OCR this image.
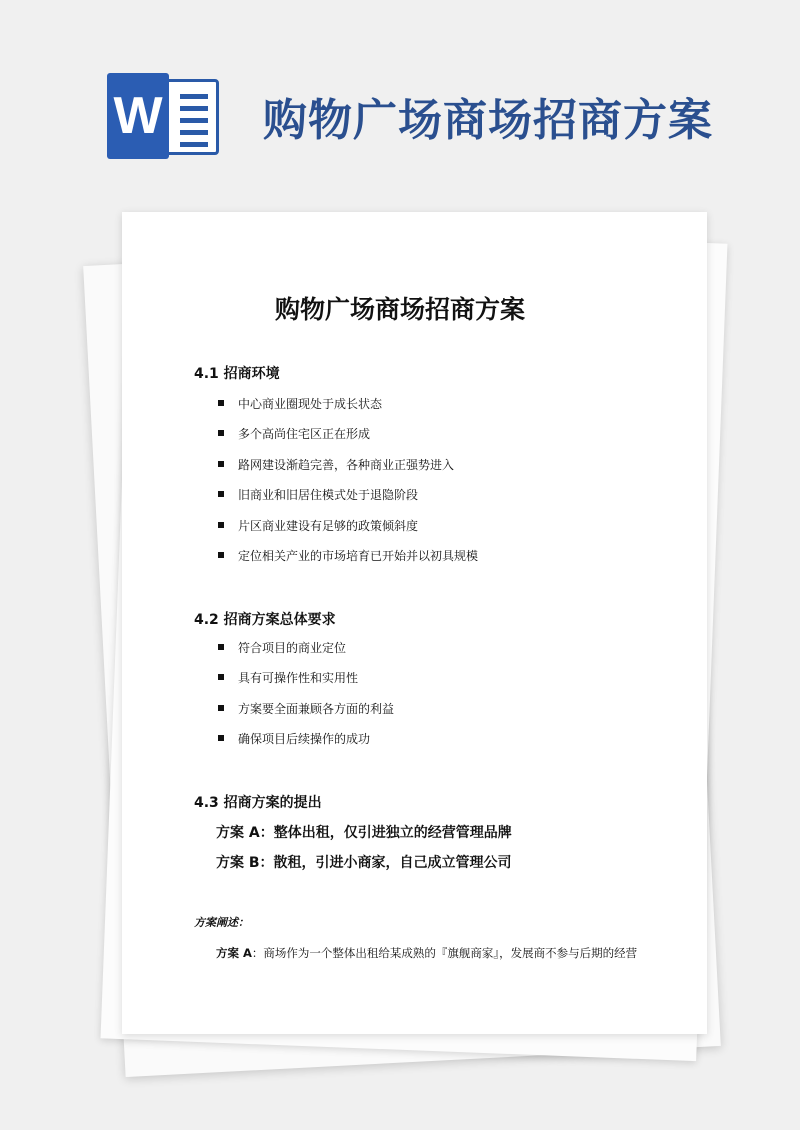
W 购物广场商场招商方案
购物广场商场招商方案
4.1 招商环境
中心商业圈现处于成长状态
多个高尚住宅区正在形成
路网建设渐趋完善，各种商业正强势进入
旧商业和旧居住模式处于退隐阶段
片区商业建设有足够的政策倾斜度
定位相关产业的市场培育已开始并以初具规模
4.2 招商方案总体要求
符合项目的商业定位
具有可操作性和实用性
方案要全面兼顾各方面的利益
确保项目后续操作的成功
4.3 招商方案的提出
方案 A：整体出租，仅引进独立的经营管理品牌
方案 B：散租，引进小商家，自己成立管理公司
方案阐述：
方案 A：商场作为一个整体出租给某成熟的『旗舰商家』，发展商不参与后期的经营
